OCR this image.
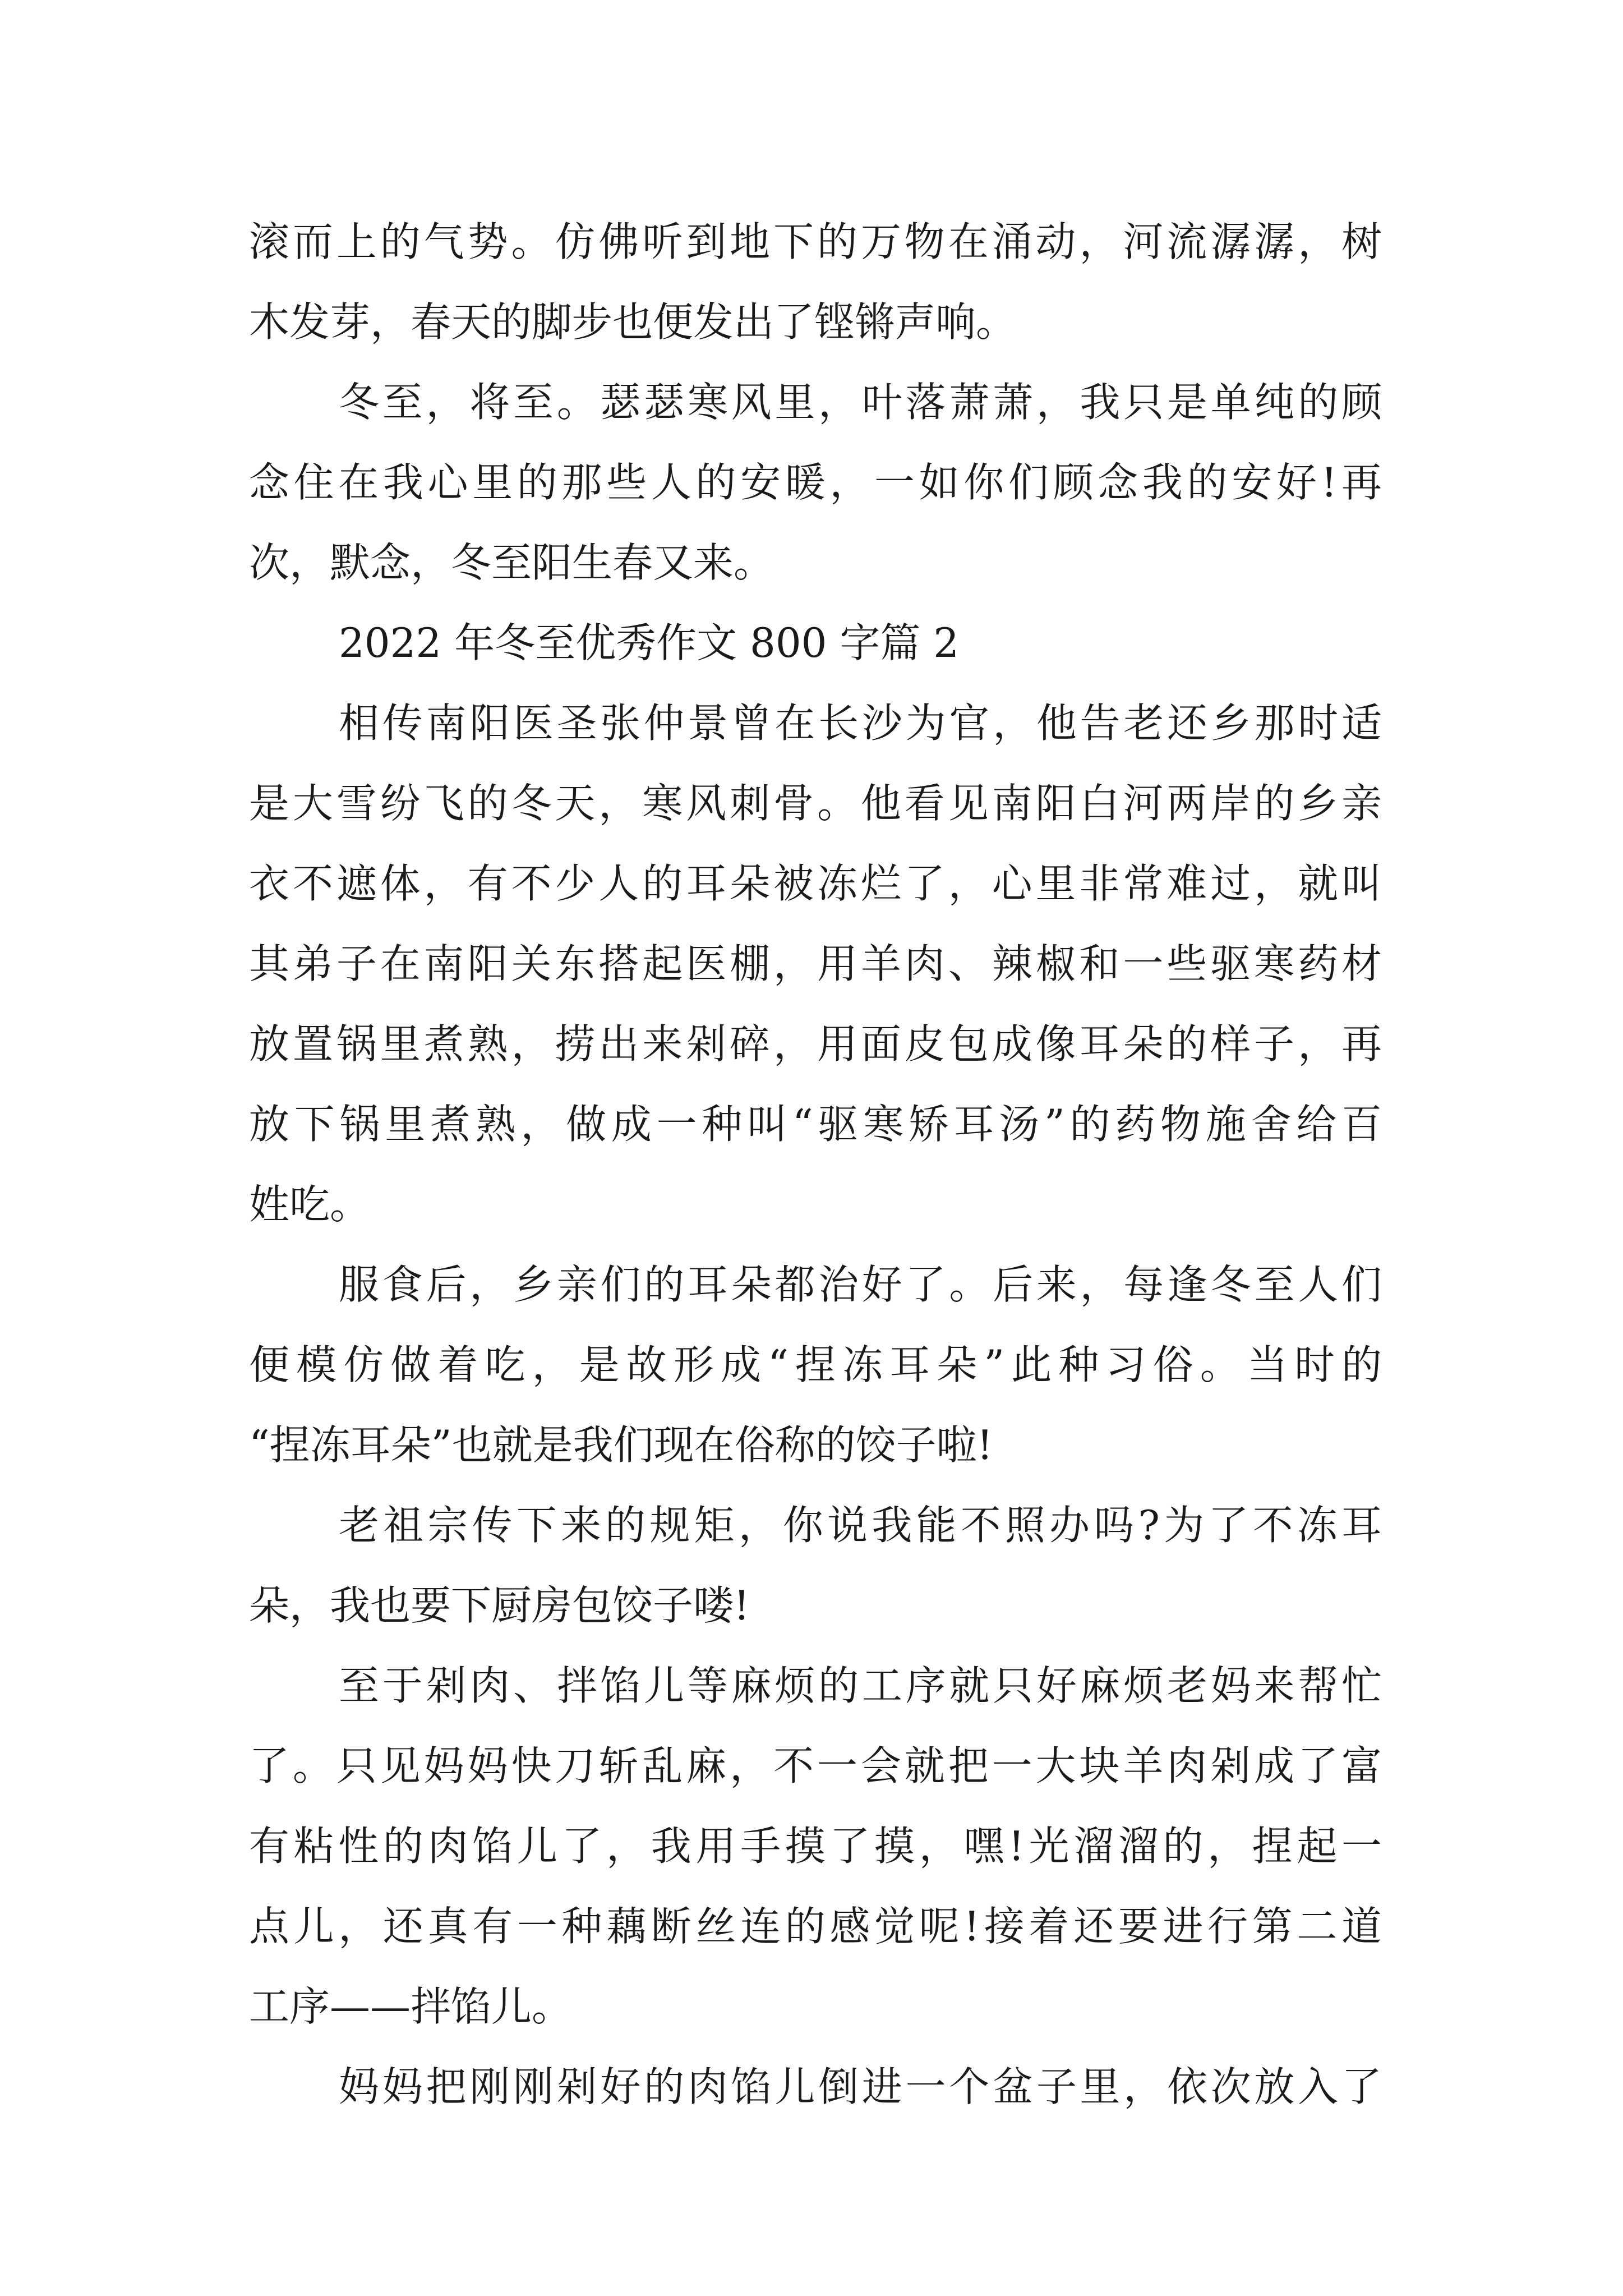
滚而上的气势。仿佛听到地下的万物在涌动，河流潺潺，树
木发芽，春天的脚步也便发出了铿锵声响。
冬至，将至。瑟瑟寒风里，叶落萧萧，我只是单纯的顾
念住在我心里的那些人的安暖，一如你们顾念我的安好!再
次，默念，冬至阳生春又来。
2022 年冬至优秀作文 800 字篇 2
相传南阳医圣张仲景曾在长沙为官，他告老还乡那时适
是大雪纷飞的冬天，寒风刺骨。他看见南阳白河两岸的乡亲
衣不遮体，有不少人的耳朵被冻烂了，心里非常难过，就叫
其弟子在南阳关东搭起医棚，用羊肉、辣椒和一些驱寒药材
放置锅里煮熟，捞出来剁碎，用面皮包成像耳朵的样子，再
放下锅里煮熟，做成一种叫“驱寒矫耳汤”的药物施舍给百
姓吃。
服食后，乡亲们的耳朵都治好了。后来，每逢冬至人们
便模仿做着吃，是故形成“捏冻耳朵”此种习俗。当时的
“捏冻耳朵”也就是我们现在俗称的饺子啦!
老祖宗传下来的规矩，你说我能不照办吗?为了不冻耳
朵，我也要下厨房包饺子喽!
至于剁肉、拌馅儿等麻烦的工序就只好麻烦老妈来帮忙
了。只见妈妈快刀斩乱麻，不一会就把一大块羊肉剁成了富
有粘性的肉馅儿了，我用手摸了摸，嘿!光溜溜的，捏起一
点儿，还真有一种藕断丝连的感觉呢!接着还要进行第二道
工序——拌馅儿。
妈妈把刚刚剁好的肉馅儿倒进一个盆子里，依次放入了
